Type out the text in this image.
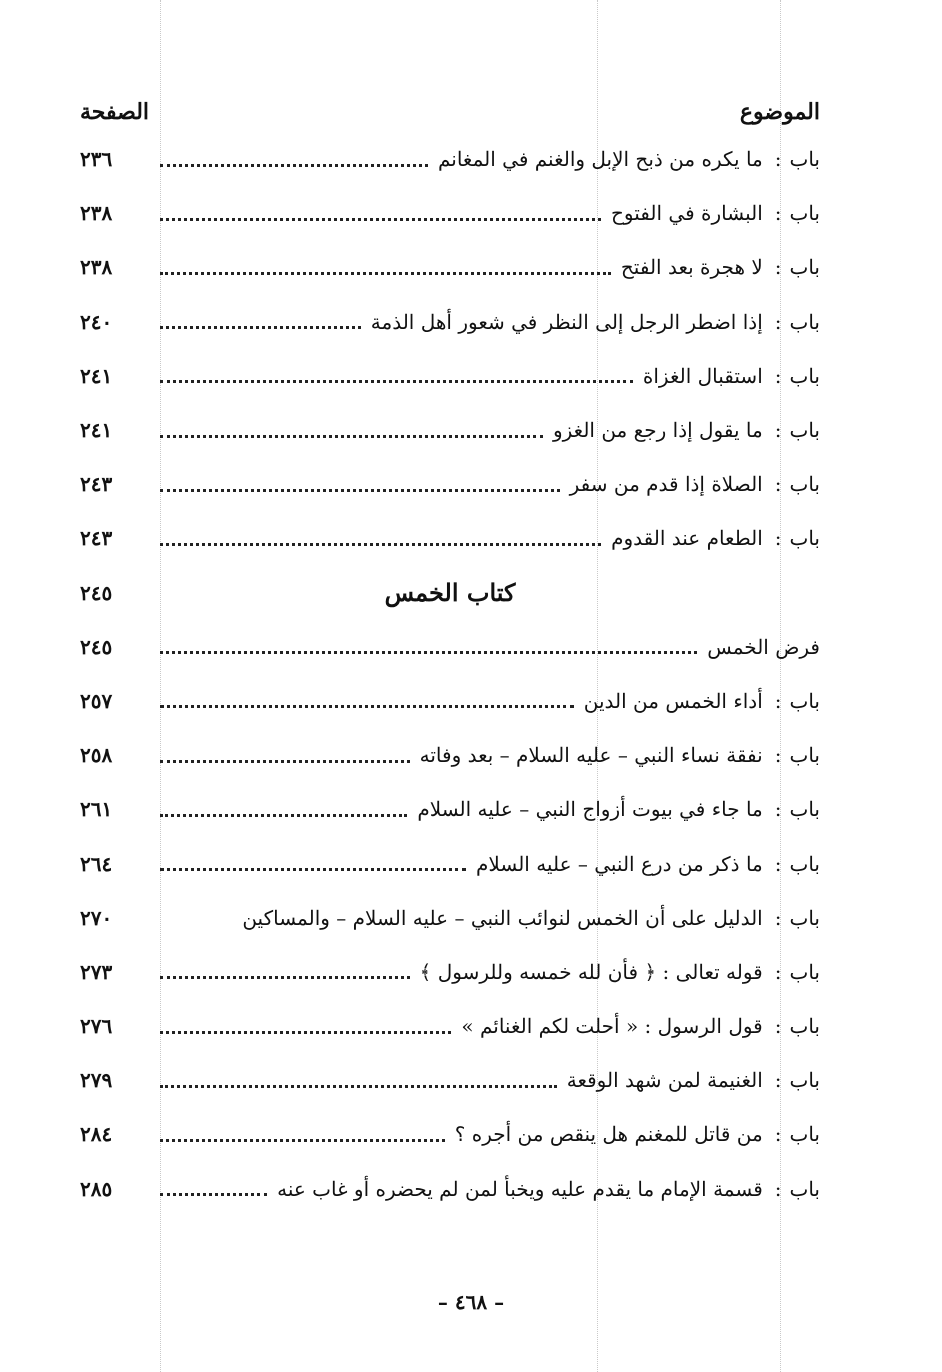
الموضوع
الصفحة
باب
:
ما يكره من ذبح الإبل والغنم في المغانم
٢٣٦
باب
:
البشارة في الفتوح
٢٣٨
باب
:
لا هجرة بعد الفتح
٢٣٨
باب
:
إذا اضطر الرجل إلى النظر في شعور أهل الذمة
٢٤٠
باب
:
استقبال الغزاة
٢٤١
باب
:
ما يقول إذا رجع من الغزو
٢٤١
باب
:
الصلاة إذا قدم من سفر
٢٤٣
باب
:
الطعام عند القدوم
٢٤٣
كتاب الخمس
٢٤٥
فرض الخمس
٢٤٥
باب
:
أداء الخمس من الدين
٢٥٧
باب
:
نفقة نساء النبي – عليه السلام – بعد وفاته
٢٥٨
باب
:
ما جاء في بيوت أزواج النبي – عليه السلام
٢٦١
باب
:
ما ذكر من درع النبي – عليه السلام
٢٦٤
باب
:
الدليل على أن الخمس لنوائب النبي – عليه السلام – والمساكين
٢٧٠
باب
:
قوله تعالى : ﴿ فأن لله خمسه وللرسول ﴾
٢٧٣
باب
:
قول الرسول : « أحلت لكم الغنائم »
٢٧٦
باب
:
الغنيمة لمن شهد الوقعة
٢٧٩
باب
:
من قاتل للمغنم هل ينقص من أجره ؟
٢٨٤
باب
:
قسمة الإمام ما يقدم عليه ويخبأ لمن لم يحضره أو غاب عنه
٢٨٥
– ٤٦٨ –
